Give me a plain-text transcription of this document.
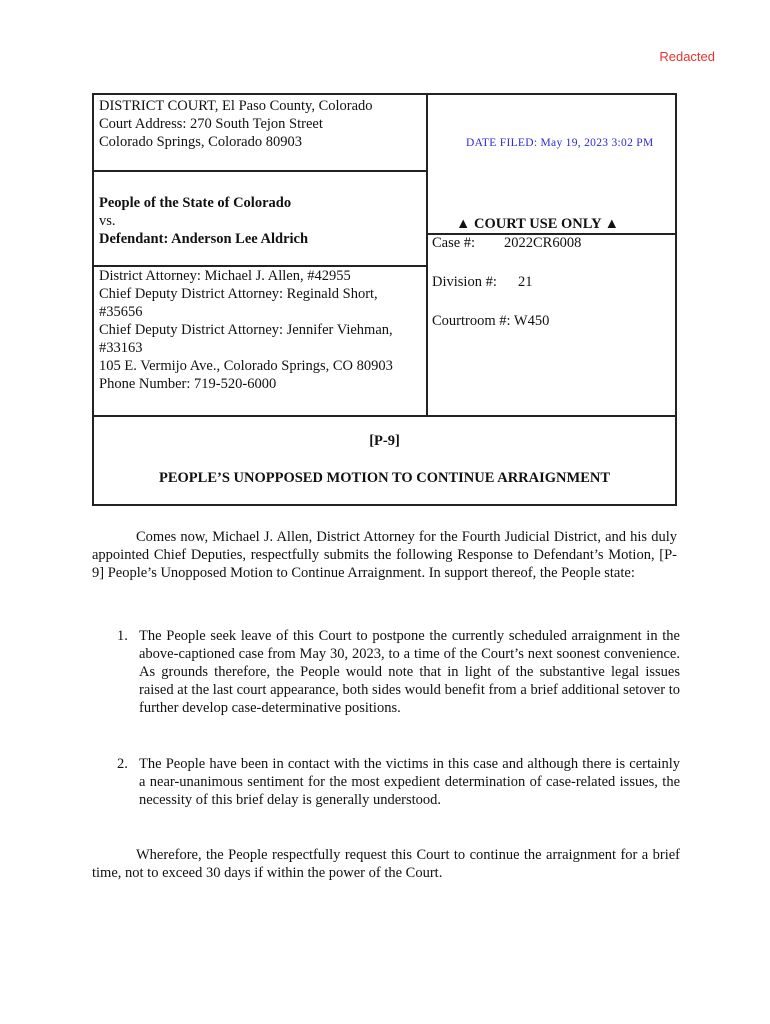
Redacted
DISTRICT COURT, El Paso County, Colorado
Court Address: 270 South Tejon Street
Colorado Springs, Colorado 80903	DATE FILED: May 19, 2023 3:02 PM
People of the State of Colorado
vs.
Defendant: Anderson Lee Aldrich
District Attorney: Michael J. Allen, #42955
Chief Deputy District Attorney: Reginald Short,
#35656
Chief Deputy District Attorney: Jennifer Viehman,
#33163
105 E. Vermijo Ave., Colorado Springs, CO 80903
Phone Number: 719-520-6000
▲ COURT USE ONLY ▲
Case #: 2022CR6008
Division #: 21
Courtroom #: W450
[P-9]
PEOPLE’S UNOPPOSED MOTION TO CONTINUE ARRAIGNMENT

Comes now, Michael J. Allen, District Attorney for the Fourth Judicial District, and his duly appointed Chief Deputies, respectfully submits the following Response to Defendant’s Motion, [P-9] People’s Unopposed Motion to Continue Arraignment. In support thereof, the People state:

1. The People seek leave of this Court to postpone the currently scheduled arraignment in the above-captioned case from May 30, 2023, to a time of the Court’s next soonest convenience. As grounds therefore, the People would note that in light of the substantive legal issues raised at the last court appearance, both sides would benefit from a brief additional setover to further develop case-determinative positions.
2. The People have been in contact with the victims in this case and although there is certainly a near-unanimous sentiment for the most expedient determination of case-related issues, the necessity of this brief delay is generally understood.

Wherefore, the People respectfully request this Court to continue the arraignment for a brief time, not to exceed 30 days if within the power of the Court.
